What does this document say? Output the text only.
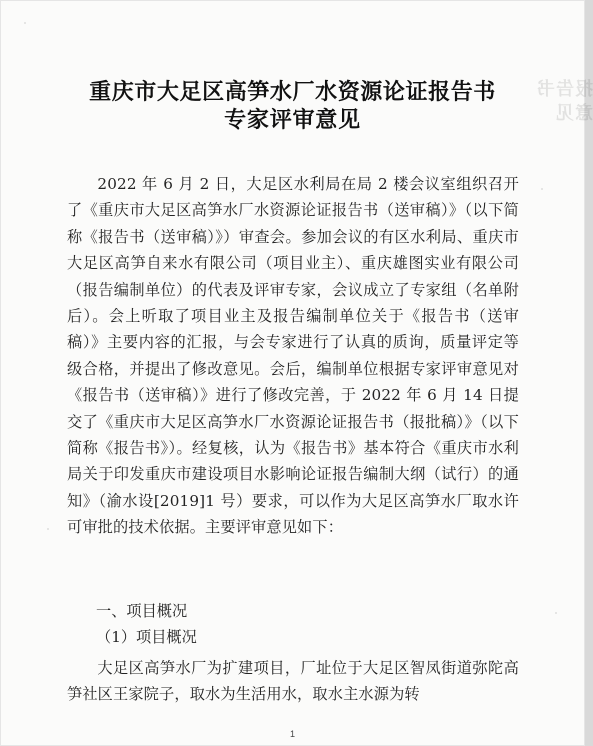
报告书
意见
重庆市大足区高笋水厂水资源论证报告书
专家评审意见

2022 年 6 月 2 日，大足区水利局在局 2 楼会议室组织召开了《重庆市大足区高笋水厂水资源论证报告书（送审稿）》（以下简称《报告书（送审稿）》）审查会。参加会议的有区水利局、重庆市大足区高笋自来水有限公司（项目业主）、重庆雄图实业有限公司（报告编制单位）的代表及评审专家，会议成立了专家组（名单附后）。会上听取了项目业主及报告编制单位关于《报告书（送审稿）》主要内容的汇报，与会专家进行了认真的质询，质量评定等级合格，并提出了修改意见。会后，编制单位根据专家评审意见对《报告书（送审稿）》进行了修改完善，于 2022 年 6 月 14 日提交了《重庆市大足区高笋水厂水资源论证报告书（报批稿）》（以下简称《报告书》）。经复核，认为《报告书》基本符合《重庆市水利局关于印发重庆市建设项目水影响论证报告编制大纲（试行）的通知》（渝水设[2019]1 号）要求，可以作为大足区高笋水厂取水许可审批的技术依据。主要评审意见如下：

一、项目概况
（1）项目概况

大足区高笋水厂为扩建项目，厂址位于大足区智凤街道弥陀高笋社区王家院子，取水为生活用水，取水主水源为转

1
